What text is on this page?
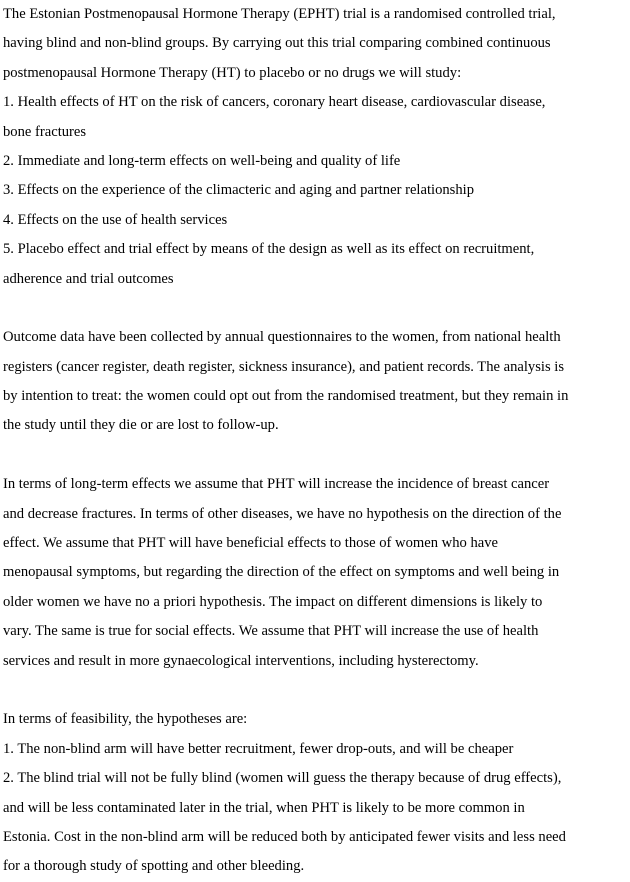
The Estonian Postmenopausal Hormone Therapy (EPHT) trial is a randomised controlled trial,
having blind and non-blind groups. By carrying out this trial comparing combined continuous
postmenopausal Hormone Therapy (HT) to placebo or no drugs we will study:
1. Health effects of HT on the risk of cancers, coronary heart disease, cardiovascular disease,
bone fractures
2. Immediate and long-term effects on well-being and quality of life
3. Effects on the experience of the climacteric and aging and partner relationship
4. Effects on the use of health services
5. Placebo effect and trial effect by means of the design as well as its effect on recruitment,
adherence and trial outcomes
Outcome data have been collected by annual questionnaires to the women, from national health
registers (cancer register, death register, sickness insurance), and patient records. The analysis is
by intention to treat: the women could opt out from the randomised treatment, but they remain in
the study until they die or are lost to follow-up.
In terms of long-term effects we assume that PHT will increase the incidence of breast cancer
and decrease fractures. In terms of other diseases, we have no hypothesis on the direction of the
effect. We assume that PHT will have beneficial effects to those of women who have
menopausal symptoms, but regarding the direction of the effect on symptoms and well being in
older women we have no a priori hypothesis. The impact on different dimensions is likely to
vary. The same is true for social effects. We assume that PHT will increase the use of health
services and result in more gynaecological interventions, including hysterectomy.
In terms of feasibility, the hypotheses are:
1. The non-blind arm will have better recruitment, fewer drop-outs, and will be cheaper
2. The blind trial will not be fully blind (women will guess the therapy because of drug effects),
and will be less contaminated later in the trial, when PHT is likely to be more common in
Estonia. Cost in the non-blind arm will be reduced both by anticipated fewer visits and less need
for a thorough study of spotting and other bleeding.
